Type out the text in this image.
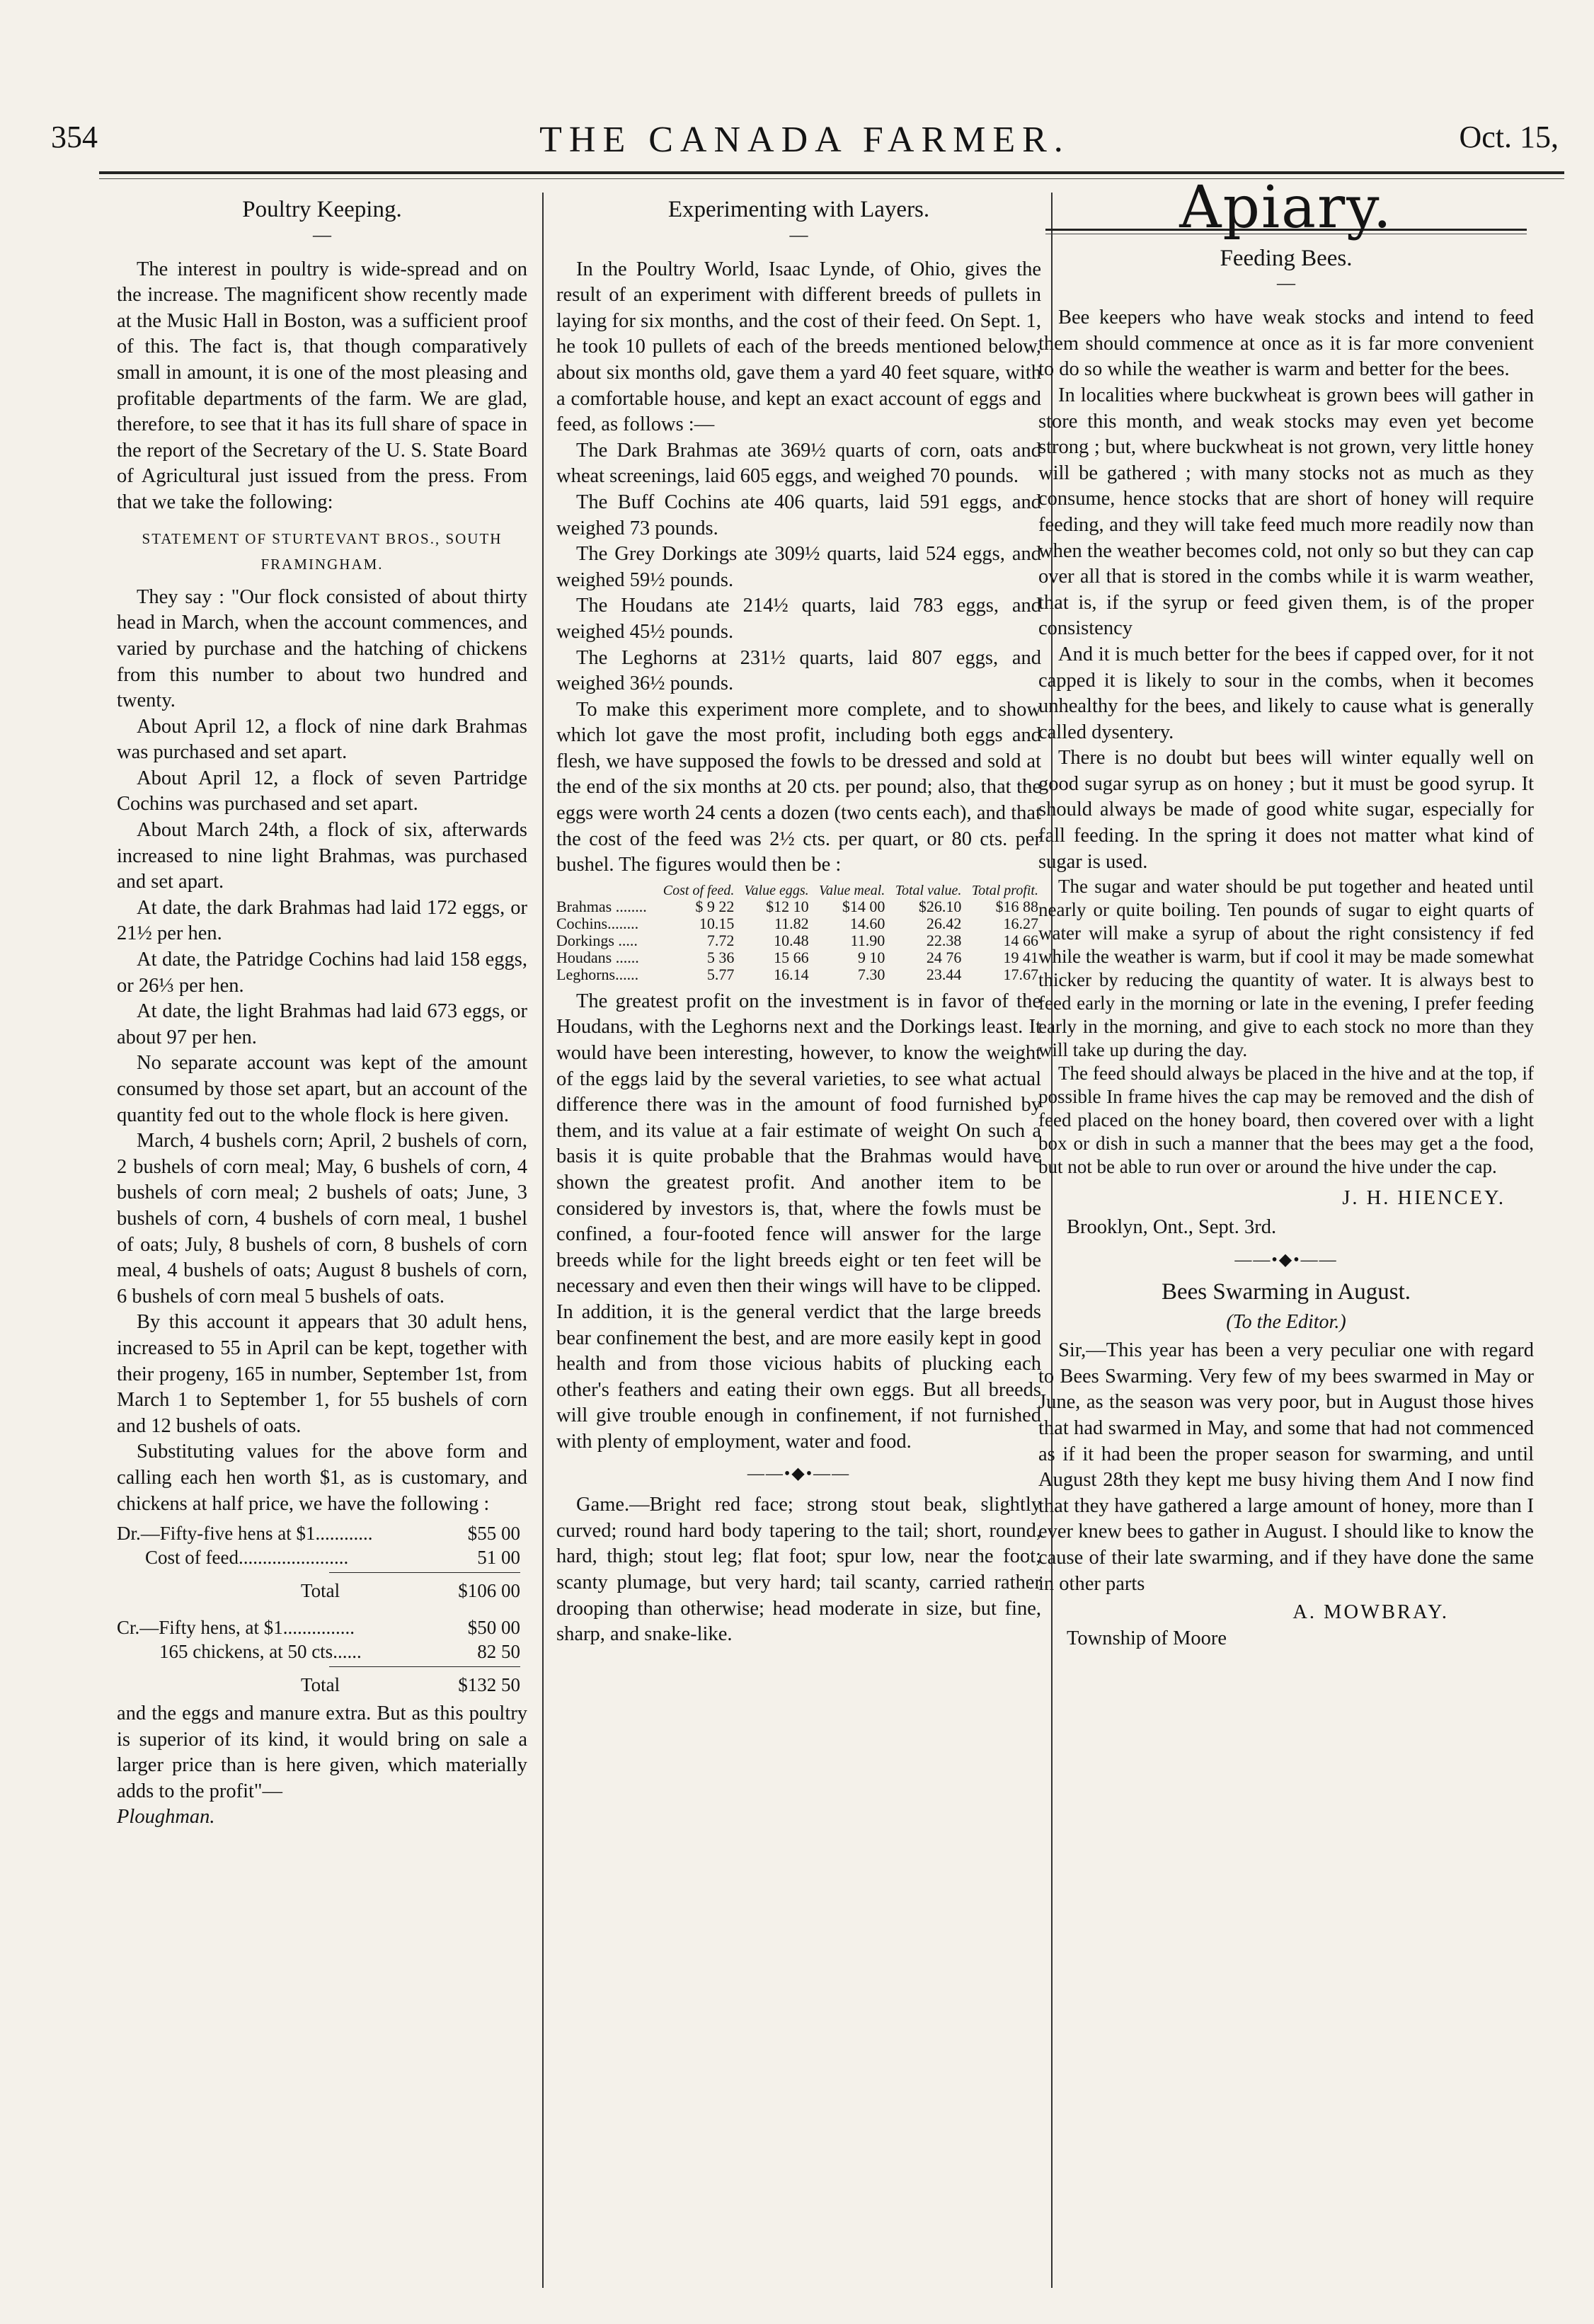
354	THE CANADA FARMER.	Oct. 15,
Poultry Keeping.
—

The interest in poultry is wide-spread and on the increase. The magnificent show recently made at the Music Hall in Boston, was a sufficient proof of this. The fact is, that though comparatively small in amount, it is one of the most pleasing and profitable departments of the farm. We are glad, therefore, to see that it has its full share of space in the report of the Secretary of the U. S. State Board of Agricultural just issued from the press. From that we take the following:

STATEMENT OF STURTEVANT BROS., SOUTH
FRAMINGHAM.

They say : "Our flock consisted of about thirty head in March, when the account commences, and varied by purchase and the hatching of chickens from this number to about two hundred and twenty.

About April 12, a flock of nine dark Brahmas was purchased and set apart.

About April 12, a flock of seven Partridge Cochins was purchased and set apart.

About March 24th, a flock of six, afterwards increased to nine light Brahmas, was purchased and set apart.

At date, the dark Brahmas had laid 172 eggs, or 21½ per hen.

At date, the Patridge Cochins had laid 158 eggs, or 26⅓ per hen.

At date, the light Brahmas had laid 673 eggs, or about 97 per hen.

No separate account was kept of the amount consumed by those set apart, but an account of the quantity fed out to the whole flock is here given.

March, 4 bushels corn; April, 2 bushels of corn, 2 bushels of corn meal; May, 6 bushels of corn, 4 bushels of corn meal; 2 bushels of oats; June, 3 bushels of corn, 4 bushels of corn meal, 1 bushel of oats; July, 8 bushels of corn, 8 bushels of corn meal, 4 bushels of oats; August 8 bushels of corn, 6 bushels of corn meal 5 bushels of oats.

By this account it appears that 30 adult hens, increased to 55 in April can be kept, together with their progeny, 165 in number, September 1st, from March 1 to September 1, for 55 bushels of corn and 12 bushels of oats.

Substituting values for the above form and calling each hen worth $1, as is customary, and chickens at half price, we have the following :

Dr.—Fifty-five hens at $1............	$55 00
Cost of feed.......................	51 00
Total	$106 00
Cr.—Fifty hens, at $1...............	$50 00
165 chickens, at 50 cts......	82 50
Total	$132 50

and the eggs and manure extra. But as this poultry is superior of its kind, it would bring on sale a larger price than is here given, which materially adds to the profit"—

Ploughman.

Experimenting with Layers.
—

In the Poultry World, Isaac Lynde, of Ohio, gives the result of an experiment with different breeds of pullets in laying for six months, and the cost of their feed. On Sept. 1, he took 10 pullets of each of the breeds mentioned below, about six months old, gave them a yard 40 feet square, with a comfortable house, and kept an exact account of eggs and feed, as follows :—

The Dark Brahmas ate 369½ quarts of corn, oats and wheat screenings, laid 605 eggs, and weighed 70 pounds.

The Buff Cochins ate 406 quarts, laid 591 eggs, and weighed 73 pounds.

The Grey Dorkings ate 309½ quarts, laid 524 eggs, and weighed 59½ pounds.

The Houdans ate 214½ quarts, laid 783 eggs, and weighed 45½ pounds.

The Leghorns at 231½ quarts, laid 807 eggs, and weighed 36½ pounds.

To make this experiment more complete, and to show which lot gave the most profit, including both eggs and flesh, we have supposed the fowls to be dressed and sold at the end of the six months at 20 cts. per pound; also, that the eggs were worth 24 cents a dozen (two cents each), and that the cost of the feed was 2½ cts. per quart, or 80 cts. per bushel. The figures would then be :

	Cost of feed.	Value eggs.	Value meal.	Total value.	Total profit.
Brahmas ........	$ 9 22	$12 10	$14 00	$26.10	$16 88
Cochins........	10.15	11.82	14.60	26.42	16.27
Dorkings .....	7.72	10.48	11.90	22.38	14 66
Houdans ......	5 36	15 66	9 10	24 76	19 41
Leghorns......	5.77	16.14	7.30	23.44	17.67

The greatest profit on the investment is in favor of the Houdans, with the Leghorns next and the Dorkings least. It would have been interesting, however, to know the weight of the eggs laid by the several varieties, to see what actual difference there was in the amount of food furnished by them, and its value at a fair estimate of weight On such a basis it is quite probable that the Brahmas would have shown the greatest profit. And another item to be considered by investors is, that, where the fowls must be confined, a four-footed fence will answer for the large breeds while for the light breeds eight or ten feet will be necessary and even then their wings will have to be clipped. In addition, it is the general verdict that the large breeds bear confinement the best, and are more easily kept in good health and from those vicious habits of plucking each other's feathers and eating their own eggs. But all breeds will give trouble enough in confinement, if not furnished with plenty of employment, water and food.

——•◆•——

Game.—Bright red face; strong stout beak, slightly curved; round hard body tapering to the tail; short, round, hard, thigh; stout leg; flat foot; spur low, near the foot; scanty plumage, but very hard; tail scanty, carried rather drooping than otherwise; head moderate in size, but fine, sharp, and snake-like.

Apiary.
Feeding Bees.
—

Bee keepers who have weak stocks and intend to feed them should commence at once as it is far more convenient to do so while the weather is warm and better for the bees.

In localities where buckwheat is grown bees will gather in store this month, and weak stocks may even yet become strong ; but, where buckwheat is not grown, very little honey will be gathered ; with many stocks not as much as they consume, hence stocks that are short of honey will require feeding, and they will take feed much more readily now than when the weather becomes cold, not only so but they can cap over all that is stored in the combs while it is warm weather, that is, if the syrup or feed given them, is of the proper consistency

And it is much better for the bees if capped over, for it not capped it is likely to sour in the combs, when it becomes unhealthy for the bees, and likely to cause what is generally called dysentery.

There is no doubt but bees will winter equally well on good sugar syrup as on honey ; but it must be good syrup. It should always be made of good white sugar, especially for fall feeding. In the spring it does not matter what kind of sugar is used.

The sugar and water should be put together and heated until nearly or quite boiling. Ten pounds of sugar to eight quarts of water will make a syrup of about the right consistency if fed while the weather is warm, but if cool it may be made somewhat thicker by reducing the quantity of water. It is always best to feed early in the morning or late in the evening, I prefer feeding early in the morning, and give to each stock no more than they will take up during the day.

The feed should always be placed in the hive and at the top, if possible In frame hives the cap may be removed and the dish of feed placed on the honey board, then covered over with a light box or dish in such a manner that the bees may get a the food, but not be able to run over or around the hive under the cap.

J. H. HIENCEY.
Brooklyn, Ont., Sept. 3rd.
——•◆•——
Bees Swarming in August.
(To the Editor.)

Sir,—This year has been a very peculiar one with regard to Bees Swarming. Very few of my bees swarmed in May or June, as the season was very poor, but in August those hives that had swarmed in May, and some that had not commenced as if it had been the proper season for swarming, and until August 28th they kept me busy hiving them And I now find that they have gathered a large amount of honey, more than I ever knew bees to gather in August. I should like to know the cause of their late swarming, and if they have done the same in other parts

A. MOWBRAY.
Township of Moore
